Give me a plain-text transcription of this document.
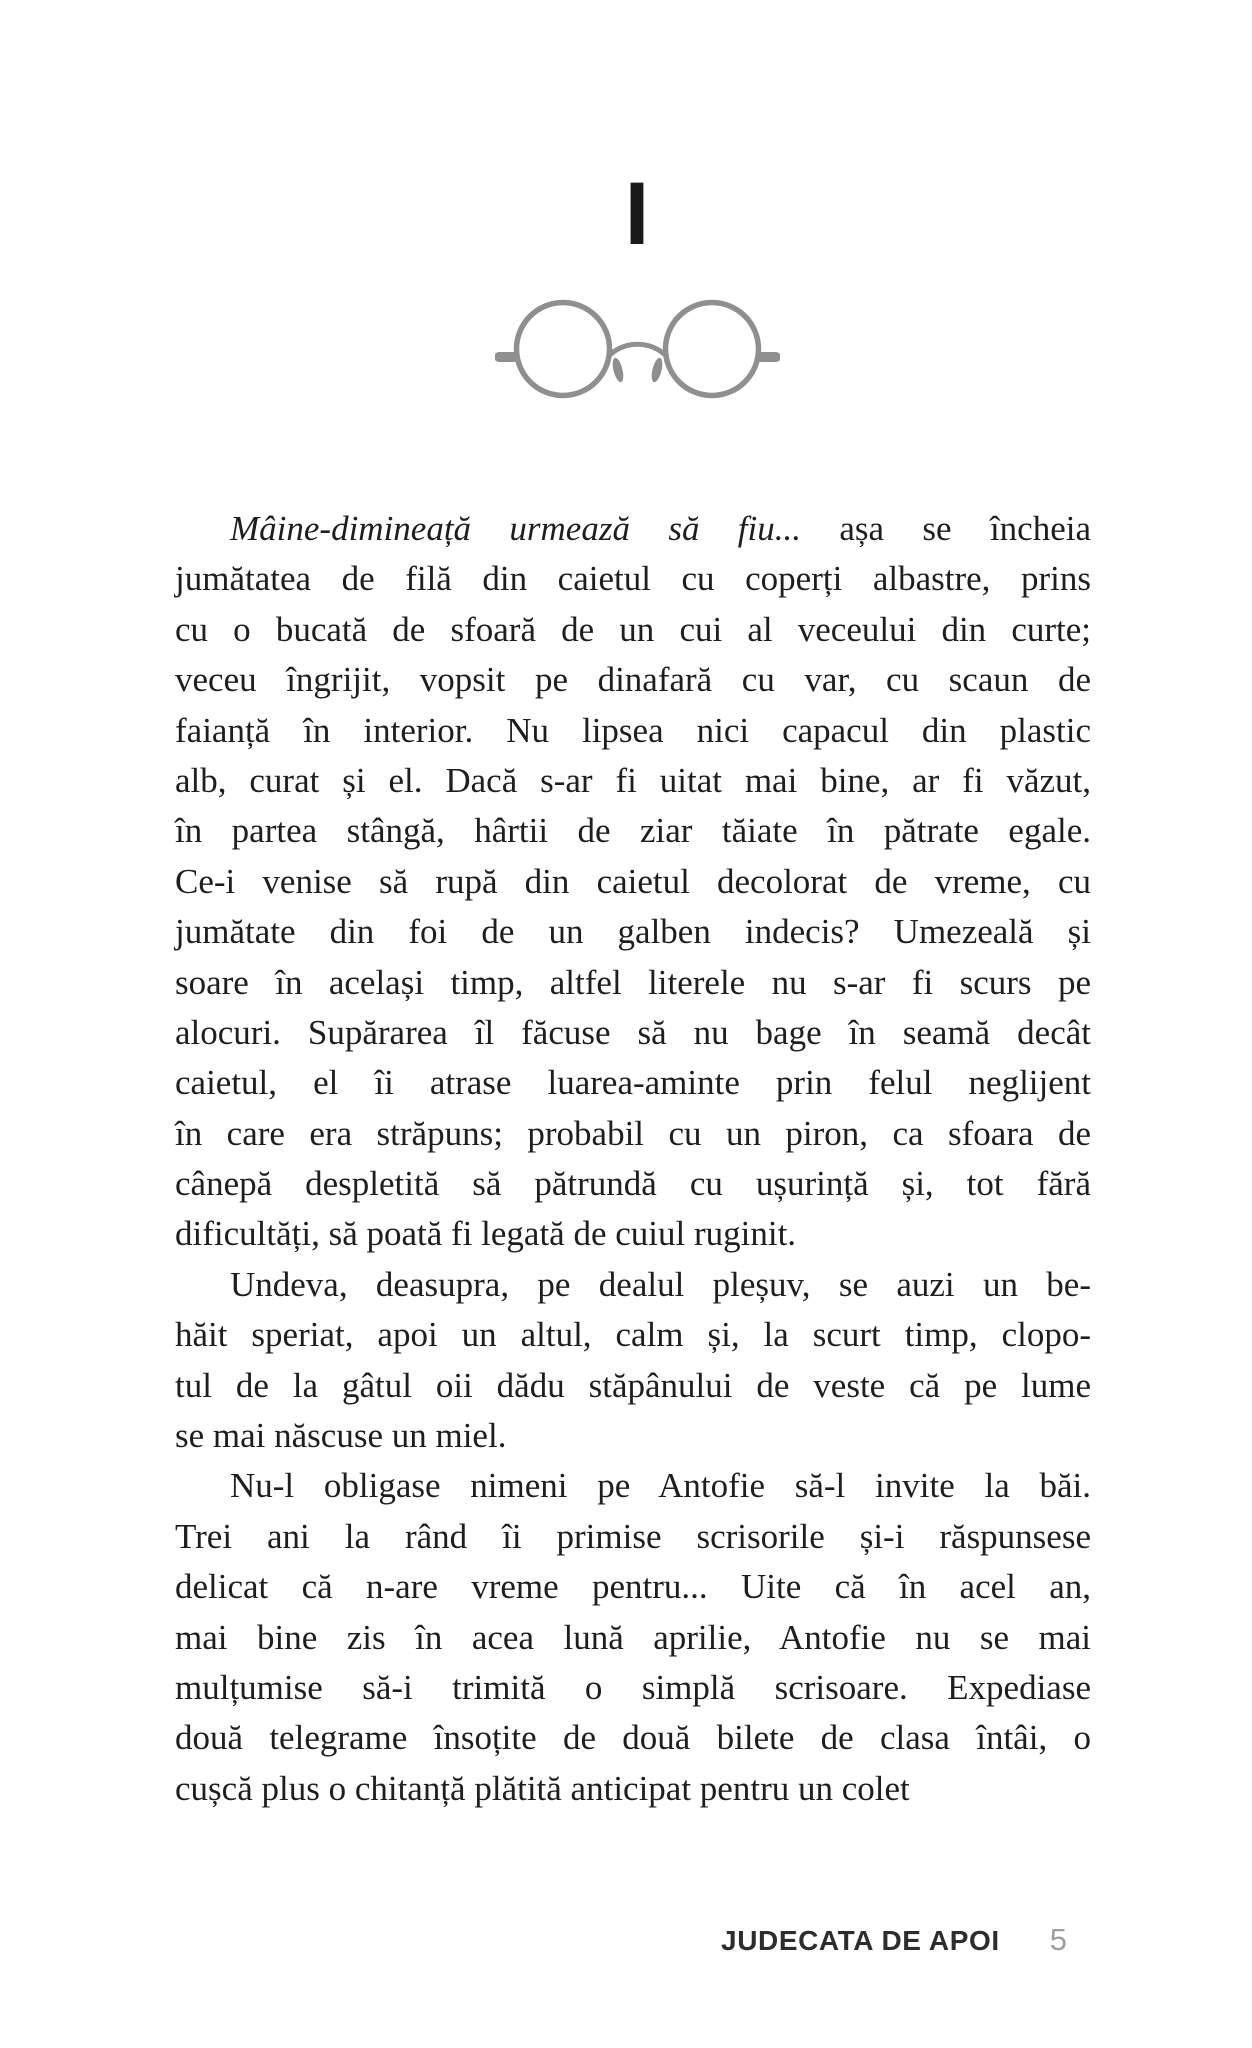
I
Mâine-dimineață urmează să fiu... așa se încheia
jumătatea de filă din caietul cu coperți albastre, prins
cu o bucată de sfoară de un cui al veceului din curte;
veceu îngrijit, vopsit pe dinafară cu var, cu scaun de
faianță în interior. Nu lipsea nici capacul din plastic
alb, curat și el. Dacă s-ar fi uitat mai bine, ar fi văzut,
în partea stângă, hârtii de ziar tăiate în pătrate egale.
Ce-i venise să rupă din caietul decolorat de vreme, cu
jumătate din foi de un galben indecis? Umezeală și
soare în același timp, altfel literele nu s-ar fi scurs pe
alocuri. Supărarea îl făcuse să nu bage în seamă decât
caietul, el îi atrase luarea-aminte prin felul neglijent
în care era străpuns; probabil cu un piron, ca sfoara de
cânepă despletită să pătrundă cu ușurință și, tot fără
dificultăți, să poată fi legată de cuiul ruginit.
Undeva, deasupra, pe dealul pleșuv, se auzi un be-
hăit speriat, apoi un altul, calm și, la scurt timp, clopo-
tul de la gâtul oii dădu stăpânului de veste că pe lume
se mai născuse un miel.
Nu-l obligase nimeni pe Antofie să-l invite la băi.
Trei ani la rând îi primise scrisorile și-i răspunsese
delicat că n-are vreme pentru... Uite că în acel an,
mai bine zis în acea lună aprilie, Antofie nu se mai
mulțumise să-i trimită o simplă scrisoare. Expediase
două telegrame însoțite de două bilete de clasa întâi, o
cușcă plus o chitanță plătită anticipat pentru un colet
JUDECATA DE APOI 5
